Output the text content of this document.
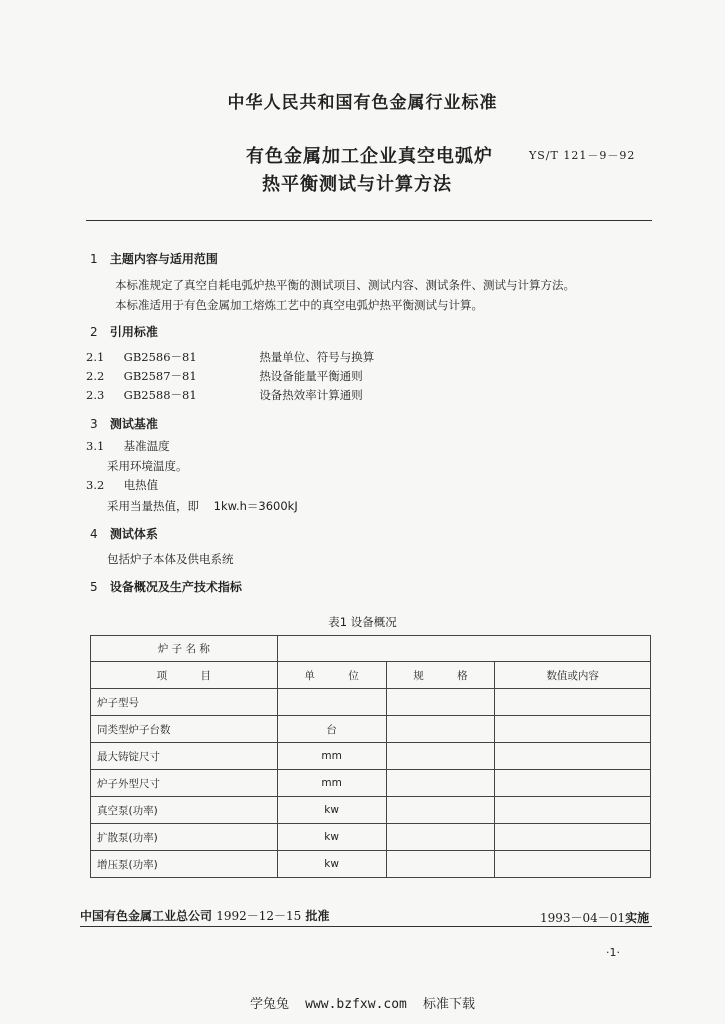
中华人民共和国有色金属行业标准
有色金属加工企业真空电弧炉
热平衡测试与计算方法
YS/T 121－9－92
1 主题内容与适用范围
本标准规定了真空自耗电弧炉热平衡的测试项目、测试内容、测试条件、测试与计算方法。
本标准适用于有色金属加工熔炼工艺中的真空电弧炉热平衡测试与计算。
2 引用标准
2.1 GB2586－81	热量单位、符号与换算
2.2 GB2587－81	热设备能量平衡通则
2.3 GB2588－81	设备热效率计算通则
3 测试基准
3.1 基准温度
采用环境温度。
3.2 电热值
采用当量热值，即    1kw.h＝3600kJ
4 测试体系
包括炉子本体及供电系统
5 设备概况及生产技术指标
表1 设备概况
炉 子 名 称			
项          目	单          位	规          格	数值或内容
炉子型号			
同类型炉子台数	台		
最大铸锭尺寸	mm		
炉子外型尺寸	mm		
真空泵(功率)	kw		
扩散泵(功率)	kw		
增压泵(功率)	kw		
中国有色金属工业总公司 1992－12－15 批准	1993－04－01实施
·1·
学兔兔 www.bzfxw.com 标准下载
